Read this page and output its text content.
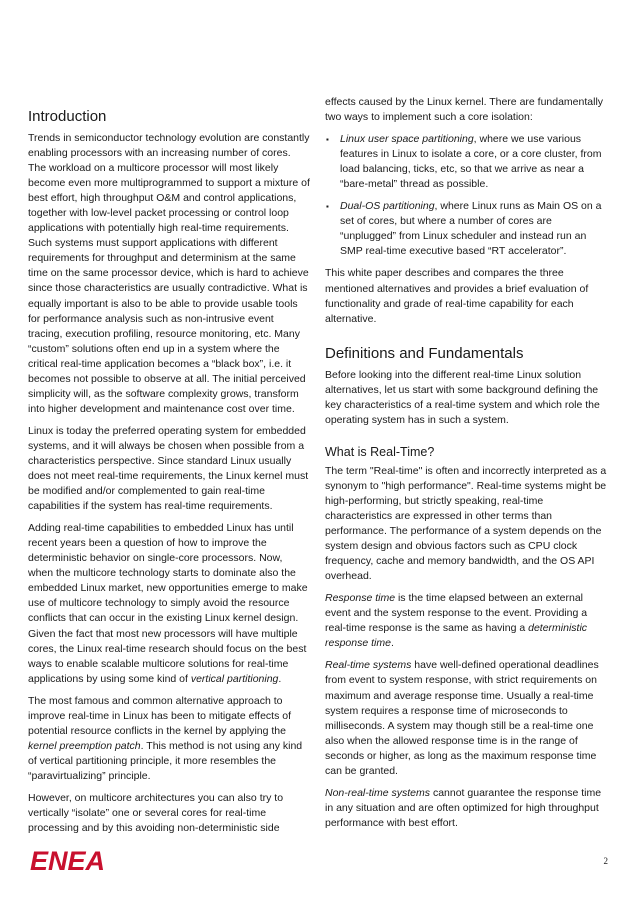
Introduction

Trends in semiconductor technology evolution are constantly enabling processors with an increasing number of cores. The workload on a multicore processor will most likely become even more multiprogrammed to support a mixture of best effort, high throughput O&M and control applications, together with low-level packet processing or control loop applications with potentially high real-time requirements. Such systems must support applications with different requirements for throughput and determinism at the same time on the same processor device, which is hard to achieve since those characteristics are usually contradictive. What is equally important is also to be able to provide usable tools for performance analysis such as non-intrusive event tracing, execution profiling, resource monitoring, etc. Many “custom” solutions often end up in a system where the critical real-time application becomes a “black box”, i.e. it becomes not possible to observe at all. The initial perceived simplicity will, as the software complexity grows, transform into higher development and maintenance cost over time.

Linux is today the preferred operating system for embedded systems, and it will always be chosen when possible from a characteristics perspective. Since standard Linux usually does not meet real-time requirements, the Linux kernel must be modified and/or complemented to gain real-time capabilities if the system has real-time requirements.

Adding real-time capabilities to embedded Linux has until recent years been a question of how to improve the deterministic behavior on single-core processors. Now, when the multicore technology starts to dominate also the embedded Linux market, new opportunities emerge to make use of multicore technology to simply avoid the resource conflicts that can occur in the existing Linux kernel design. Given the fact that most new processors will have multiple cores, the Linux real-time research should focus on the best ways to enable scalable multicore solutions for real-time applications by using some kind of vertical partitioning.

The most famous and common alternative approach to improve real-time in Linux has been to mitigate effects of potential resource conflicts in the kernel by applying the kernel preemption patch. This method is not using any kind of vertical partitioning principle, it more resembles the “paravirtualizing” principle.

However, on multicore architectures you can also try to vertically “isolate” one or several cores for real-time processing and by this avoiding non-deterministic side

effects caused by the Linux kernel. There are fundamentally two ways to implement such a core isolation:

▪ Linux user space partitioning, where we use various features in Linux to isolate a core, or a core cluster, from load balancing, ticks, etc, so that we arrive as near a “bare-metal” thread as possible.
▪ Dual-OS partitioning, where Linux runs as Main OS on a set of cores, but where a number of cores are “unplugged” from Linux scheduler and instead run an SMP real-time executive based “RT accelerator”.

This white paper describes and compares the three mentioned alternatives and provides a brief evaluation of functionality and grade of real-time capability for each alternative.

Definitions and Fundamentals

Before looking into the different real-time Linux solution alternatives, let us start with some background defining the key characteristics of a real-time system and which role the operating system has in such a system.

What is Real-Time?

The term "Real-time" is often and incorrectly interpreted as a synonym to "high performance". Real-time systems might be high-performing, but strictly speaking, real-time characteristics are expressed in other terms than performance. The performance of a system depends on the system design and obvious factors such as CPU clock frequency, cache and memory bandwidth, and the OS API overhead.

Response time is the time elapsed between an external event and the system response to the event. Providing a real-time response is the same as having a deterministic response time.

Real-time systems have well-defined operational deadlines from event to system response, with strict requirements on maximum and average response time. Usually a real-time system requires a response time of microseconds to milliseconds. A system may though still be a real-time one also when the allowed response time is in the range of seconds or higher, as long as the maximum response time can be granted.

Non-real-time systems cannot guarantee the response time in any situation and are often optimized for high throughput performance with best effort.

ENEA	2
